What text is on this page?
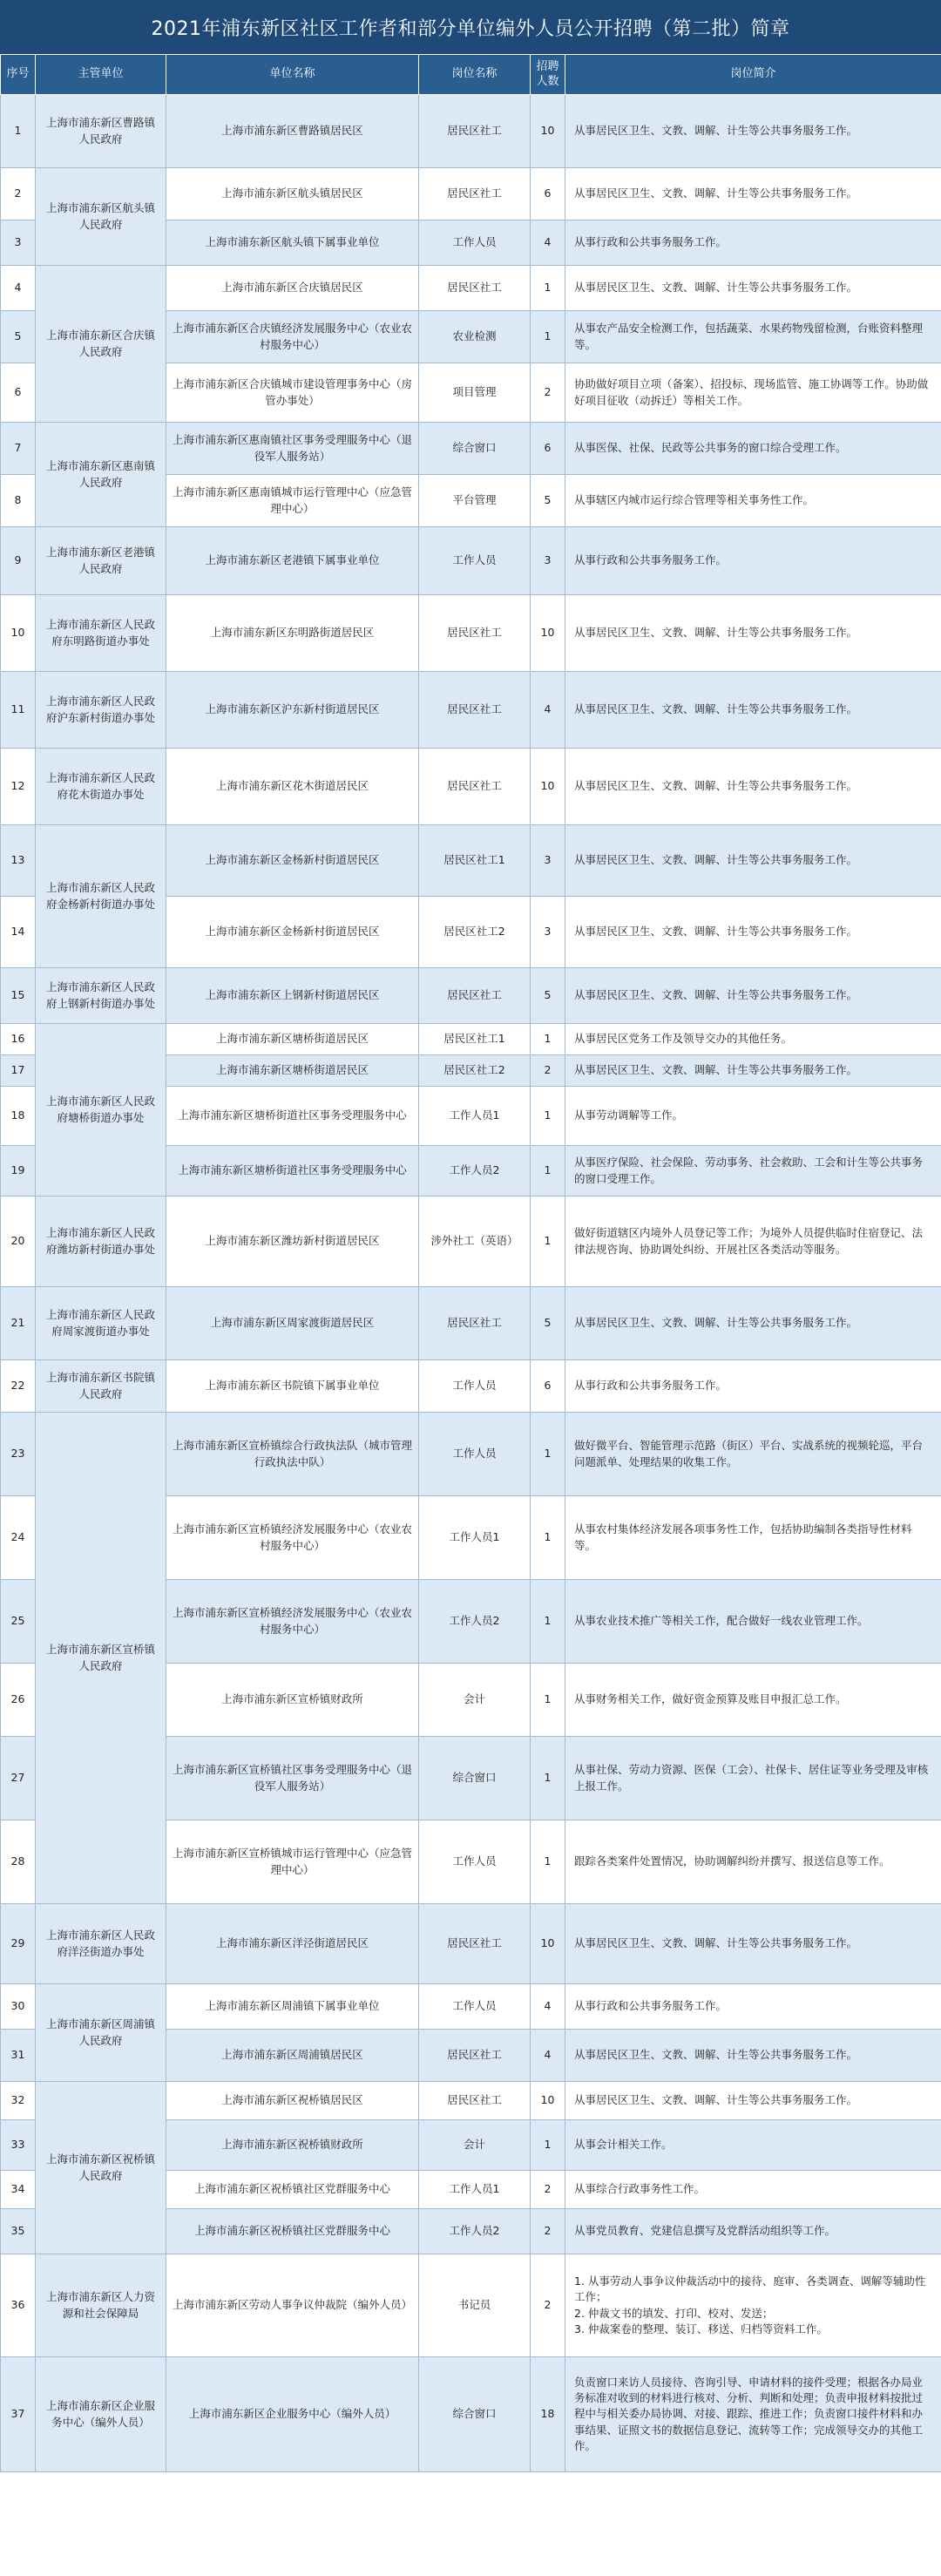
2021年浦东新区社区工作者和部分单位编外人员公开招聘（第二批）简章
序号	主管单位	单位名称	岗位名称	招聘人数	岗位简介
1	上海市浦东新区曹路镇人民政府	上海市浦东新区曹路镇居民区	居民区社工	10	从事居民区卫生、文教、调解、计生等公共事务服务工作。
2	上海市浦东新区航头镇人民政府	上海市浦东新区航头镇居民区	居民区社工	6	从事居民区卫生、文教、调解、计生等公共事务服务工作。
3		上海市浦东新区航头镇下属事业单位	工作人员	4	从事行政和公共事务服务工作。
4	上海市浦东新区合庆镇人民政府	上海市浦东新区合庆镇居民区	居民区社工	1	从事居民区卫生、文教、调解、计生等公共事务服务工作。
5		上海市浦东新区合庆镇经济发展服务中心（农业农村服务中心）	农业检测	1	从事农产品安全检测工作，包括蔬菜、水果药物残留检测，台账资料整理等。
6		上海市浦东新区合庆镇城市建设管理事务中心（房管办事处）	项目管理	2	协助做好项目立项（备案）、招投标、现场监管、施工协调等工作。协助做好项目征收（动拆迁）等相关工作。
7	上海市浦东新区惠南镇人民政府	上海市浦东新区惠南镇社区事务受理服务中心（退役军人服务站）	综合窗口	6	从事医保、社保、民政等公共事务的窗口综合受理工作。
8		上海市浦东新区惠南镇城市运行管理中心（应急管理中心）	平台管理	5	从事辖区内城市运行综合管理等相关事务性工作。
9	上海市浦东新区老港镇人民政府	上海市浦东新区老港镇下属事业单位	工作人员	3	从事行政和公共事务服务工作。
10	上海市浦东新区人民政府东明路街道办事处	上海市浦东新区东明路街道居民区	居民区社工	10	从事居民区卫生、文教、调解、计生等公共事务服务工作。
11	上海市浦东新区人民政府沪东新村街道办事处	上海市浦东新区沪东新村街道居民区	居民区社工	4	从事居民区卫生、文教、调解、计生等公共事务服务工作。
12	上海市浦东新区人民政府花木街道办事处	上海市浦东新区花木街道居民区	居民区社工	10	从事居民区卫生、文教、调解、计生等公共事务服务工作。
13	上海市浦东新区人民政府金杨新村街道办事处	上海市浦东新区金杨新村街道居民区	居民区社工1	3	从事居民区卫生、文教、调解、计生等公共事务服务工作。
14		上海市浦东新区金杨新村街道居民区	居民区社工2	3	从事居民区卫生、文教、调解、计生等公共事务服务工作。
15	上海市浦东新区人民政府上钢新村街道办事处	上海市浦东新区上钢新村街道居民区	居民区社工	5	从事居民区卫生、文教、调解、计生等公共事务服务工作。
16	上海市浦东新区人民政府塘桥街道办事处	上海市浦东新区塘桥街道居民区	居民区社工1	1	从事居民区党务工作及领导交办的其他任务。
17		上海市浦东新区塘桥街道居民区	居民区社工2	2	从事居民区卫生、文教、调解、计生等公共事务服务工作。
18		上海市浦东新区塘桥街道社区事务受理服务中心	工作人员1	1	从事劳动调解等工作。
19		上海市浦东新区塘桥街道社区事务受理服务中心	工作人员2	1	从事医疗保险、社会保险、劳动事务、社会救助、工会和计生等公共事务的窗口受理工作。
20	上海市浦东新区人民政府潍坊新村街道办事处	上海市浦东新区潍坊新村街道居民区	涉外社工（英语）	1	做好街道辖区内境外人员登记等工作；为境外人员提供临时住宿登记、法律法规咨询、协助调处纠纷、开展社区各类活动等服务。
21	上海市浦东新区人民政府周家渡街道办事处	上海市浦东新区周家渡街道居民区	居民区社工	5	从事居民区卫生、文教、调解、计生等公共事务服务工作。
22	上海市浦东新区书院镇人民政府	上海市浦东新区书院镇下属事业单位	工作人员	6	从事行政和公共事务服务工作。
23	上海市浦东新区宣桥镇人民政府	上海市浦东新区宣桥镇综合行政执法队（城市管理行政执法中队）	工作人员	1	做好微平台、智能管理示范路（街区）平台、实战系统的视频轮巡，平台问题派单、处理结果的收集工作。
24		上海市浦东新区宣桥镇经济发展服务中心（农业农村服务中心）	工作人员1	1	从事农村集体经济发展各项事务性工作，包括协助编制各类指导性材料等。
25		上海市浦东新区宣桥镇经济发展服务中心（农业农村服务中心）	工作人员2	1	从事农业技术推广等相关工作，配合做好一线农业管理工作。
26		上海市浦东新区宣桥镇财政所	会计	1	从事财务相关工作，做好资金预算及账目申报汇总工作。
27		上海市浦东新区宣桥镇社区事务受理服务中心（退役军人服务站）	综合窗口	1	从事社保、劳动力资源、医保（工会）、社保卡、居住证等业务受理及审核上报工作。
28		上海市浦东新区宣桥镇城市运行管理中心（应急管理中心）	工作人员	1	跟踪各类案件处置情况，协助调解纠纷并撰写、报送信息等工作。
29	上海市浦东新区人民政府洋泾街道办事处	上海市浦东新区洋泾街道居民区	居民区社工	10	从事居民区卫生、文教、调解、计生等公共事务服务工作。
30	上海市浦东新区周浦镇人民政府	上海市浦东新区周浦镇下属事业单位	工作人员	4	从事行政和公共事务服务工作。
31		上海市浦东新区周浦镇居民区	居民区社工	4	从事居民区卫生、文教、调解、计生等公共事务服务工作。
32	上海市浦东新区祝桥镇人民政府	上海市浦东新区祝桥镇居民区	居民区社工	10	从事居民区卫生、文教、调解、计生等公共事务服务工作。
33		上海市浦东新区祝桥镇财政所	会计	1	从事会计相关工作。
34		上海市浦东新区祝桥镇社区党群服务中心	工作人员1	2	从事综合行政事务性工作。
35		上海市浦东新区祝桥镇社区党群服务中心	工作人员2	2	从事党员教育、党建信息撰写及党群活动组织等工作。
36	上海市浦东新区人力资源和社会保障局	上海市浦东新区劳动人事争议仲裁院（编外人员）	书记员	2	1. 从事劳动人事争议仲裁活动中的接待、庭审、各类调查、调解等辅助性工作；
2. 仲裁文书的填发、打印、校对、发送；
3. 仲裁案卷的整理、装订、移送、归档等资料工作。
37	上海市浦东新区企业服务中心（编外人员）	上海市浦东新区企业服务中心（编外人员）	综合窗口	18	负责窗口来访人员接待、咨询引导、申请材料的接件受理；根据各办局业务标准对收到的材料进行核对、分析、判断和处理；负责申报材料按批过程中与相关委办局协调、对接、跟踪、推进工作；负责窗口接件材料和办事结果、证照文书的数据信息登记、流转等工作；完成领导交办的其他工作。
